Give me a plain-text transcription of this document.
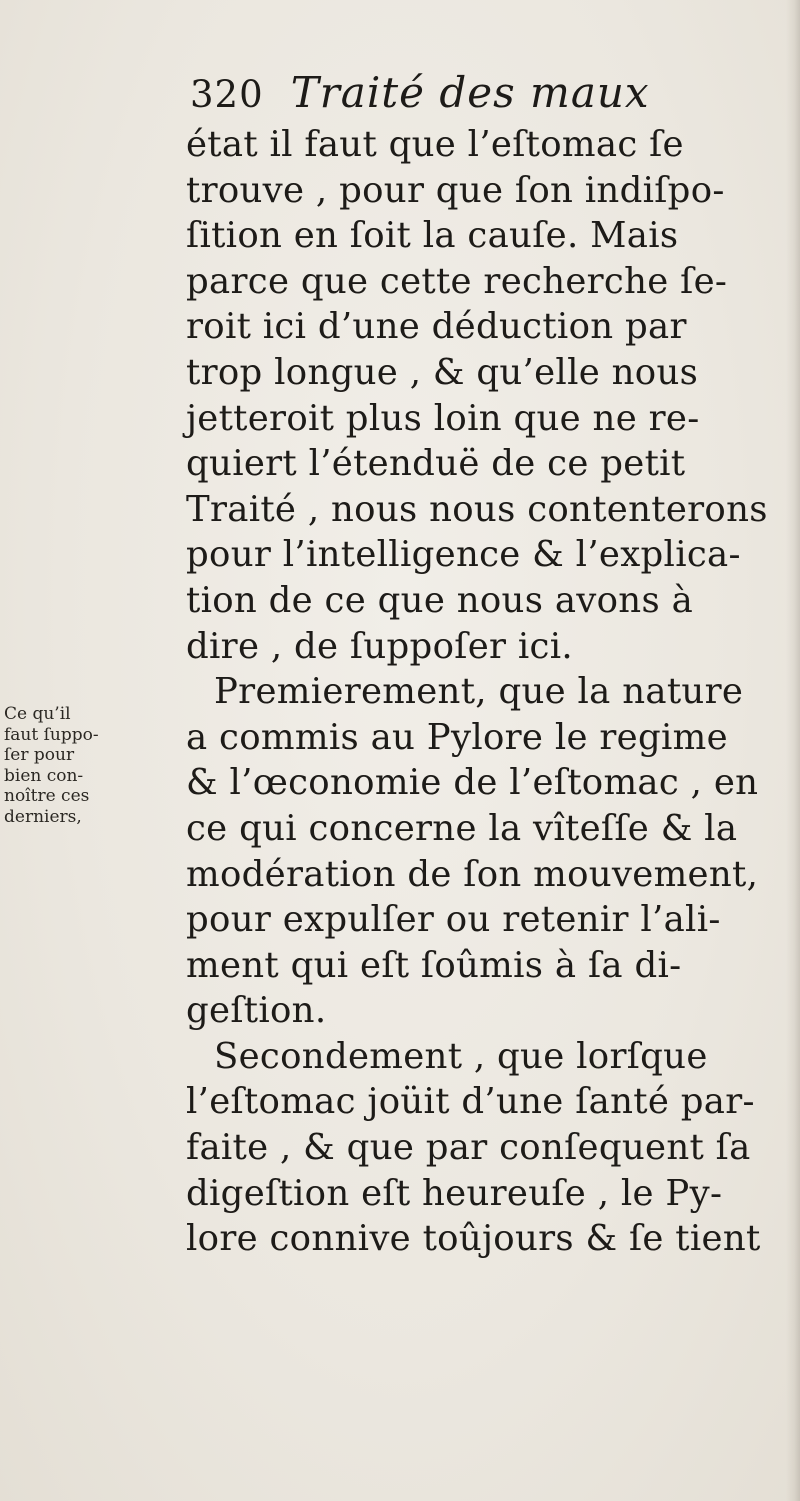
320 Traité des maux
Ce qu’il
faut ſuppo-
ſer pour
bien con-
noître ces
derniers,
état il faut que l’eſtomac ſe
trouve , pour que ſon indiſpo-
ſition en ſoit la cauſe. Mais
parce que cette recherche ſe-
roit ici d’une déduction par
trop longue , & qu’elle nous
jetteroit plus loin que ne re-
quiert l’étenduë de ce petit
Traité , nous nous contenterons
pour l’intelligence & l’explica-
tion de ce que nous avons à
dire , de ſuppoſer ici.
Premierement, que la nature
a commis au Pylore le regime
& l’œconomie de l’eſtomac , en
ce qui concerne la vîteſſe & la
modération de ſon mouvement,
pour expulſer ou retenir l’ali-
ment qui eſt ſoûmis à ſa di-
geſtion.
Secondement , que lorſque
l’eſtomac joüit d’une ſanté par-
faite , & que par conſequent ſa
digeſtion eſt heureuſe , le Py-
lore connive toûjours & ſe tient
